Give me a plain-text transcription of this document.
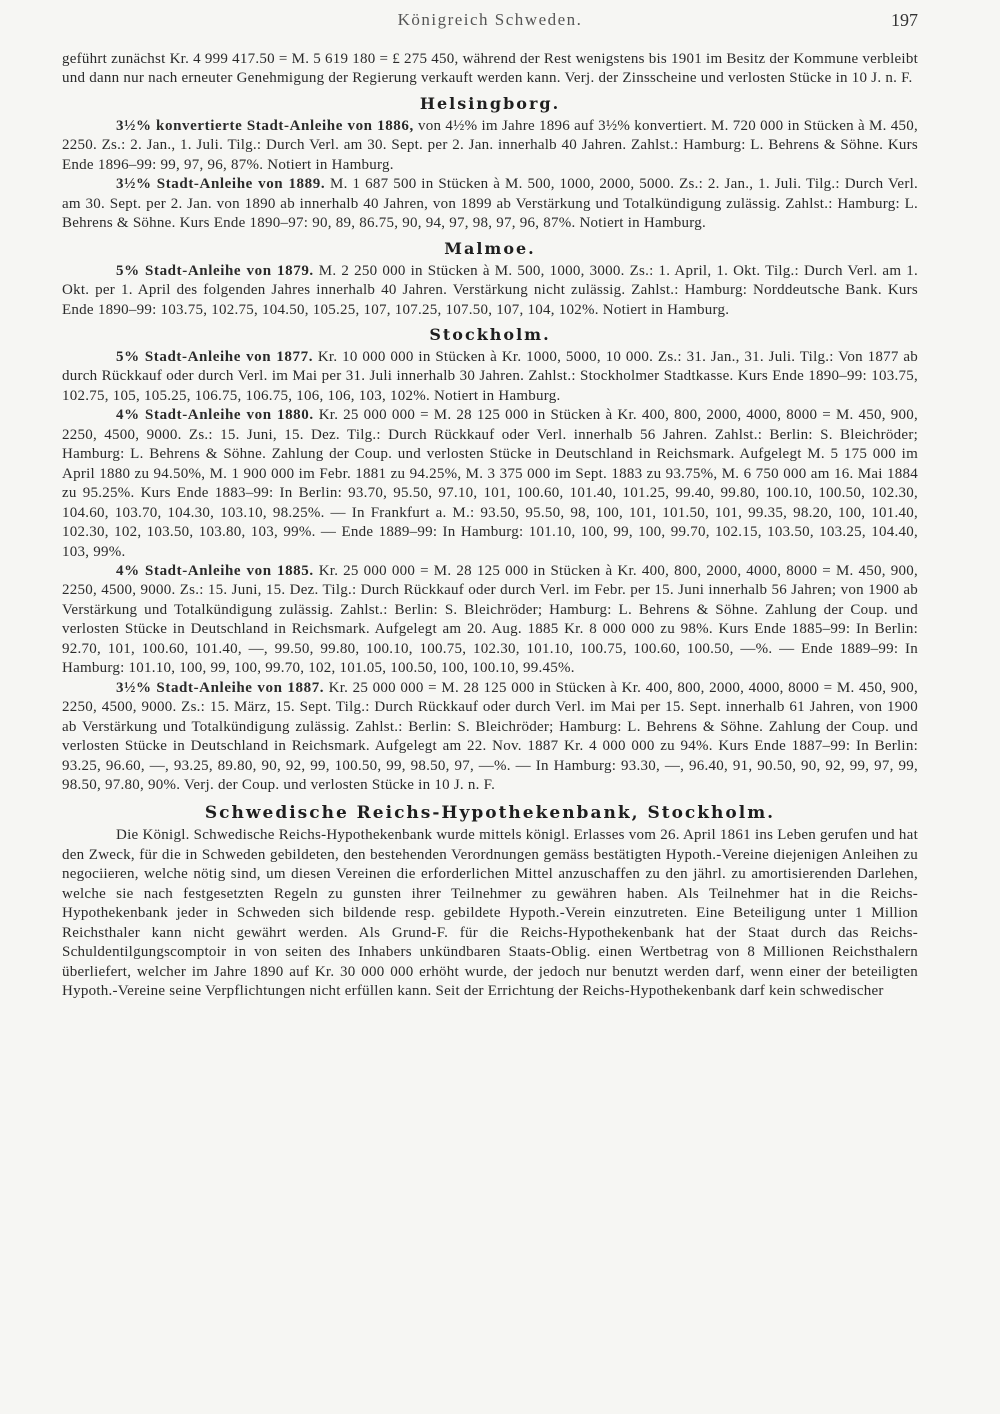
Königreich Schweden.	197

geführt zunächst Kr. 4 999 417.50 = M. 5 619 180 = £ 275 450, während der Rest wenigstens bis 1901 im Besitz der Kommune verbleibt und dann nur nach erneuter Genehmigung der Regierung verkauft werden kann. Verj. der Zinsscheine und verlosten Stücke in 10 J. n. F.

Helsingborg.

3½% konvertierte Stadt-Anleihe von 1886, von 4½% im Jahre 1896 auf 3½% konvertiert. M. 720 000 in Stücken à M. 450, 2250. Zs.: 2. Jan., 1. Juli. Tilg.: Durch Verl. am 30. Sept. per 2. Jan. innerhalb 40 Jahren. Zahlst.: Hamburg: L. Behrens & Söhne. Kurs Ende 1896–99: 99, 97, 96, 87%. Notiert in Hamburg.

3½% Stadt-Anleihe von 1889. M. 1 687 500 in Stücken à M. 500, 1000, 2000, 5000. Zs.: 2. Jan., 1. Juli. Tilg.: Durch Verl. am 30. Sept. per 2. Jan. von 1890 ab innerhalb 40 Jahren, von 1899 ab Verstärkung und Totalkündigung zulässig. Zahlst.: Hamburg: L. Behrens & Söhne. Kurs Ende 1890–97: 90, 89, 86.75, 90, 94, 97, 98, 97, 96, 87%. Notiert in Hamburg.

Malmoe.

5% Stadt-Anleihe von 1879. M. 2 250 000 in Stücken à M. 500, 1000, 3000. Zs.: 1. April, 1. Okt. Tilg.: Durch Verl. am 1. Okt. per 1. April des folgenden Jahres innerhalb 40 Jahren. Verstärkung nicht zulässig. Zahlst.: Hamburg: Norddeutsche Bank. Kurs Ende 1890–99: 103.75, 102.75, 104.50, 105.25, 107, 107.25, 107.50, 107, 104, 102%. Notiert in Hamburg.

Stockholm.

5% Stadt-Anleihe von 1877. Kr. 10 000 000 in Stücken à Kr. 1000, 5000, 10 000. Zs.: 31. Jan., 31. Juli. Tilg.: Von 1877 ab durch Rückkauf oder durch Verl. im Mai per 31. Juli innerhalb 30 Jahren. Zahlst.: Stockholmer Stadtkasse. Kurs Ende 1890–99: 103.75, 102.75, 105, 105.25, 106.75, 106.75, 106, 106, 103, 102%. Notiert in Hamburg.

4% Stadt-Anleihe von 1880. Kr. 25 000 000 = M. 28 125 000 in Stücken à Kr. 400, 800, 2000, 4000, 8000 = M. 450, 900, 2250, 4500, 9000. Zs.: 15. Juni, 15. Dez. Tilg.: Durch Rückkauf oder Verl. innerhalb 56 Jahren. Zahlst.: Berlin: S. Bleichröder; Hamburg: L. Behrens & Söhne. Zahlung der Coup. und verlosten Stücke in Deutschland in Reichsmark. Aufgelegt M. 5 175 000 im April 1880 zu 94.50%, M. 1 900 000 im Febr. 1881 zu 94.25%, M. 3 375 000 im Sept. 1883 zu 93.75%, M. 6 750 000 am 16. Mai 1884 zu 95.25%. Kurs Ende 1883–99: In Berlin: 93.70, 95.50, 97.10, 101, 100.60, 101.40, 101.25, 99.40, 99.80, 100.10, 100.50, 102.30, 104.60, 103.70, 104.30, 103.10, 98.25%. — In Frankfurt a. M.: 93.50, 95.50, 98, 100, 101, 101.50, 101, 99.35, 98.20, 100, 101.40, 102.30, 102, 103.50, 103.80, 103, 99%. — Ende 1889–99: In Hamburg: 101.10, 100, 99, 100, 99.70, 102.15, 103.50, 103.25, 104.40, 103, 99%.

4% Stadt-Anleihe von 1885. Kr. 25 000 000 = M. 28 125 000 in Stücken à Kr. 400, 800, 2000, 4000, 8000 = M. 450, 900, 2250, 4500, 9000. Zs.: 15. Juni, 15. Dez. Tilg.: Durch Rückkauf oder durch Verl. im Febr. per 15. Juni innerhalb 56 Jahren; von 1900 ab Verstärkung und Totalkündigung zulässig. Zahlst.: Berlin: S. Bleichröder; Hamburg: L. Behrens & Söhne. Zahlung der Coup. und verlosten Stücke in Deutschland in Reichsmark. Aufgelegt am 20. Aug. 1885 Kr. 8 000 000 zu 98%. Kurs Ende 1885–99: In Berlin: 92.70, 101, 100.60, 101.40, —, 99.50, 99.80, 100.10, 100.75, 102.30, 101.10, 100.75, 100.60, 100.50, —%. — Ende 1889–99: In Hamburg: 101.10, 100, 99, 100, 99.70, 102, 101.05, 100.50, 100, 100.10, 99.45%.

3½% Stadt-Anleihe von 1887. Kr. 25 000 000 = M. 28 125 000 in Stücken à Kr. 400, 800, 2000, 4000, 8000 = M. 450, 900, 2250, 4500, 9000. Zs.: 15. März, 15. Sept. Tilg.: Durch Rückkauf oder durch Verl. im Mai per 15. Sept. innerhalb 61 Jahren, von 1900 ab Verstärkung und Totalkündigung zulässig. Zahlst.: Berlin: S. Bleichröder; Hamburg: L. Behrens & Söhne. Zahlung der Coup. und verlosten Stücke in Deutschland in Reichsmark. Aufgelegt am 22. Nov. 1887 Kr. 4 000 000 zu 94%. Kurs Ende 1887–99: In Berlin: 93.25, 96.60, —, 93.25, 89.80, 90, 92, 99, 100.50, 99, 98.50, 97, —%. — In Hamburg: 93.30, —, 96.40, 91, 90.50, 90, 92, 99, 97, 99, 98.50, 97.80, 90%. Verj. der Coup. und verlosten Stücke in 10 J. n. F.

Schwedische Reichs-Hypothekenbank, Stockholm.

Die Königl. Schwedische Reichs-Hypothekenbank wurde mittels königl. Erlasses vom 26. April 1861 ins Leben gerufen und hat den Zweck, für die in Schweden gebildeten, den bestehenden Verordnungen gemäss bestätigten Hypoth.-Vereine diejenigen Anleihen zu negociieren, welche nötig sind, um diesen Vereinen die erforderlichen Mittel anzuschaffen zu den jährl. zu amortisierenden Darlehen, welche sie nach festgesetzten Regeln zu gunsten ihrer Teilnehmer zu gewähren haben. Als Teilnehmer hat in die Reichs-Hypothekenbank jeder in Schweden sich bildende resp. gebildete Hypoth.-Verein einzutreten. Eine Beteiligung unter 1 Million Reichsthaler kann nicht gewährt werden. Als Grund-F. für die Reichs-Hypothekenbank hat der Staat durch das Reichs-Schuldentilgungscomptoir in von seiten des Inhabers unkündbaren Staats-Oblig. einen Wertbetrag von 8 Millionen Reichsthalern überliefert, welcher im Jahre 1890 auf Kr. 30 000 000 erhöht wurde, der jedoch nur benutzt werden darf, wenn einer der beteiligten Hypoth.-Vereine seine Verpflichtungen nicht erfüllen kann. Seit der Errichtung der Reichs-Hypothekenbank darf kein schwedischer
